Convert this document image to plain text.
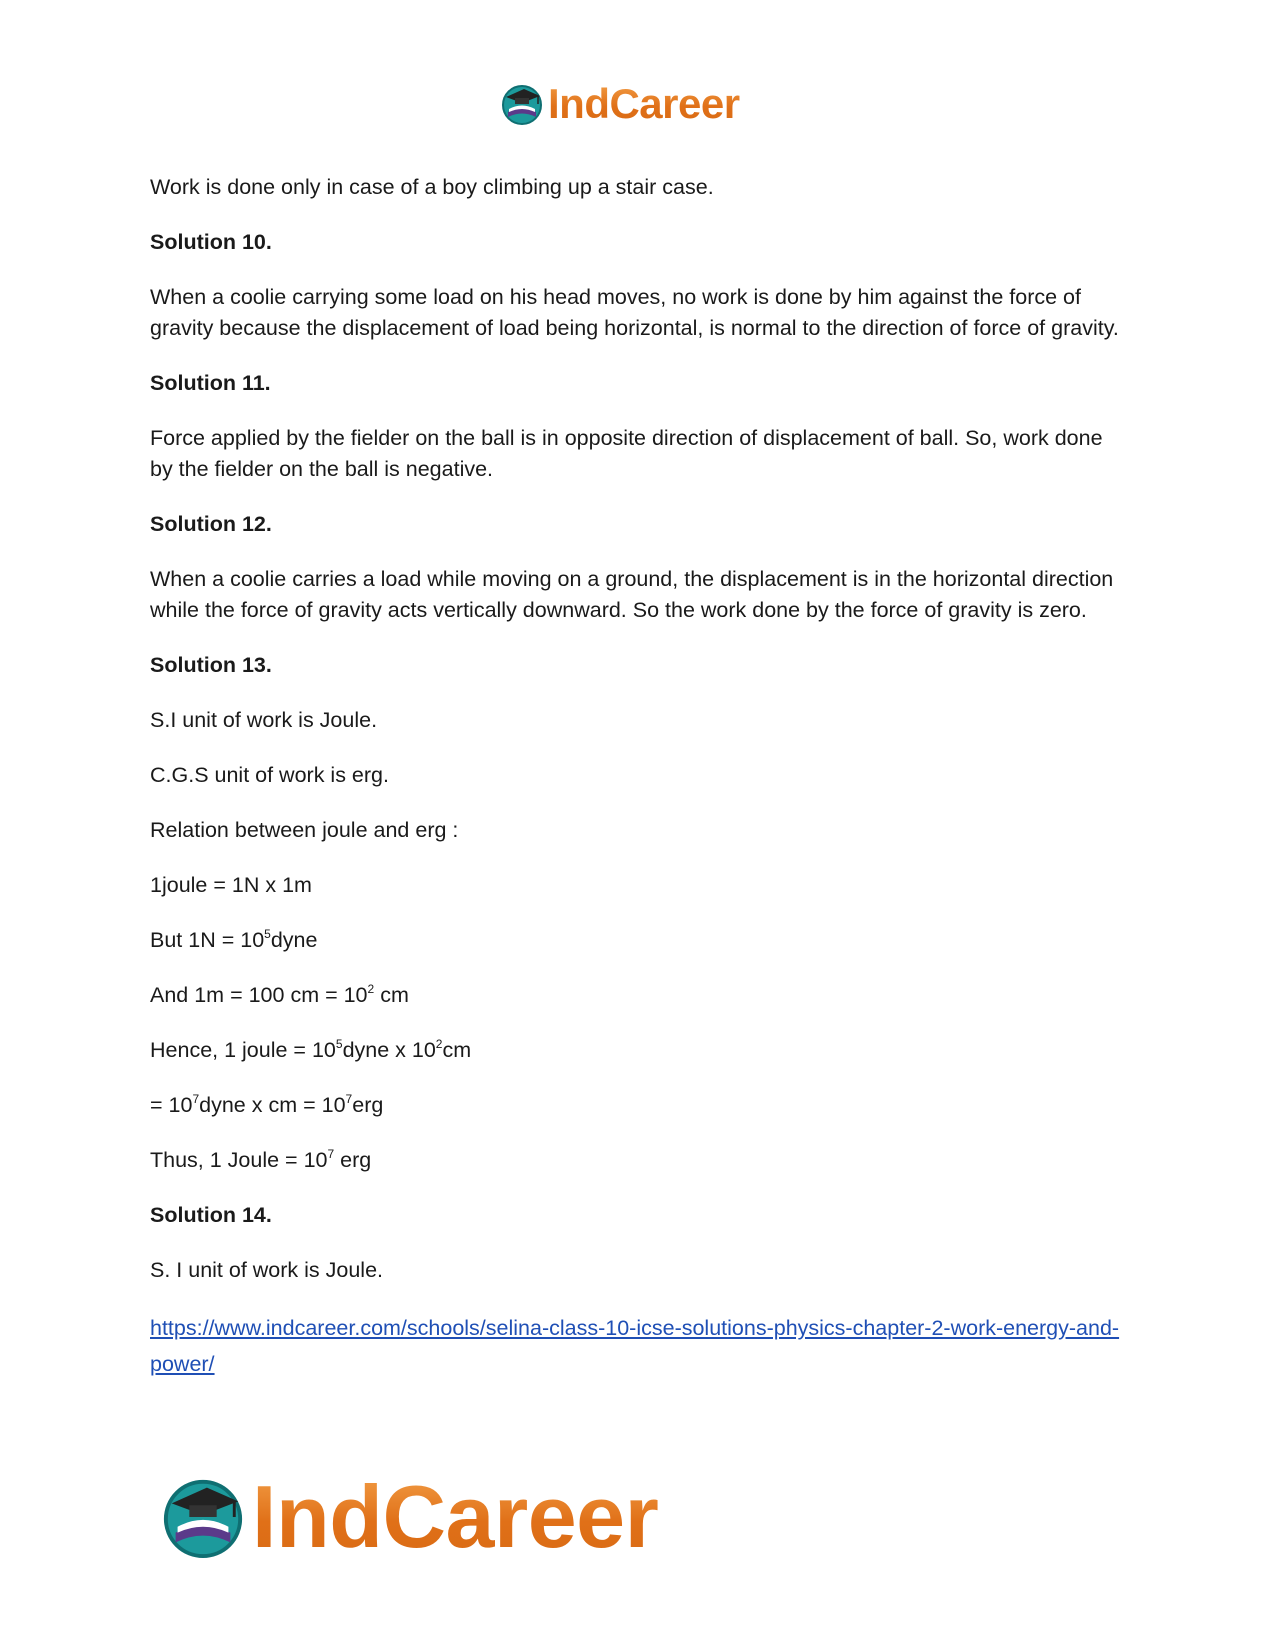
IndCareer

Work is done only in case of a boy climbing up a stair case.

Solution 10.

When a coolie carrying some load on his head moves, no work is done by him against the force of gravity because the displacement of load being horizontal, is normal to the direction of force of gravity.

Solution 11.

Force applied by the fielder on the ball is in opposite direction of displacement of ball. So, work done by the fielder on the ball is negative.

Solution 12.

When a coolie carries a load while moving on a ground, the displacement is in the horizontal direction while the force of gravity acts vertically downward. So the work done by the force of gravity is zero.

Solution 13.

S.I unit of work is Joule.

C.G.S unit of work is erg.

Relation between joule and erg :

1joule = 1N x 1m

But $1N = 10^5dyne$

And 1m = 100 cm = $10^2$ cm

Hence, 1 joule = $10^5dyne$ x $10^2cm$

= $10^7dyne$ x cm = $10^7erg$

Thus, 1 Joule = $10^7$ erg

Solution 14.

S. I unit of work is Joule.

https://www.indcareer.com/schools/selina-class-10-icse-solutions-physics-chapter-2-work-energy-and-power/

IndCareer
